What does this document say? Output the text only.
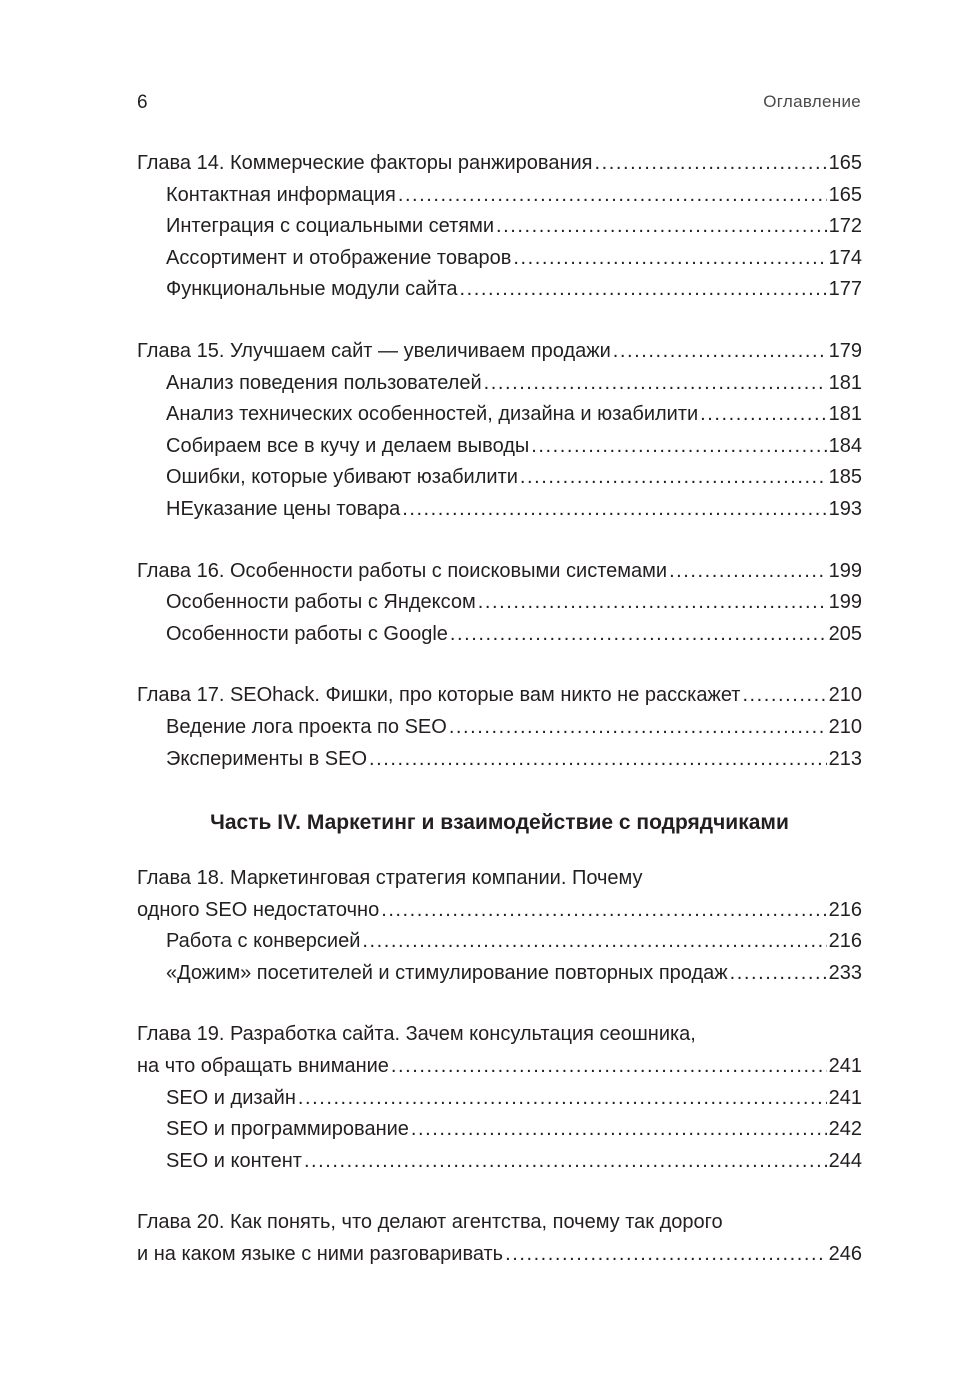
6	Оглавление
Глава 14. Коммерческие факторы ранжирования . . .	165
Контактная информация . . .	165
Интеграция с социальными сетями . . .	172
Ассортимент и отображение товаров . . .	174
Функциональные модули сайта . . .	177
Глава 15. Улучшаем сайт — увеличиваем продажи . . .	179
Анализ поведения пользователей . . .	181
Анализ технических особенностей, дизайна и юзабилити . . .	181
Собираем все в кучу и делаем выводы . . .	184
Ошибки, которые убивают юзабилити . . .	185
НЕуказание цены товара . . .	193
Глава 16. Особенности работы с поисковыми системами . . .	199
Особенности работы с Яндексом . . .	199
Особенности работы с Google . . .	205
Глава 17. SEOhack. Фишки, про которые вам никто не расскажет . . .	210
Ведение лога проекта по SEO . . .	210
Эксперименты в SEO . . .	213
Часть IV. Маркетинг и взаимодействие с подрядчиками
Глава 18. Маркетинговая стратегия компании. Почему
одного SEO недостаточно . . .	216
Работа с конверсией . . .	216
«Дожим» посетителей и стимулирование повторных продаж . . .	233
Глава 19. Разработка сайта. Зачем консультация сеошника,
на что обращать внимание . . .	241
SEO и дизайн . . .	241
SEO и программирование . . .	242
SEO и контент . . .	244
Глава 20. Как понять, что делают агентства, почему так дорого
и на каком языке с ними разговаривать . . .	246
